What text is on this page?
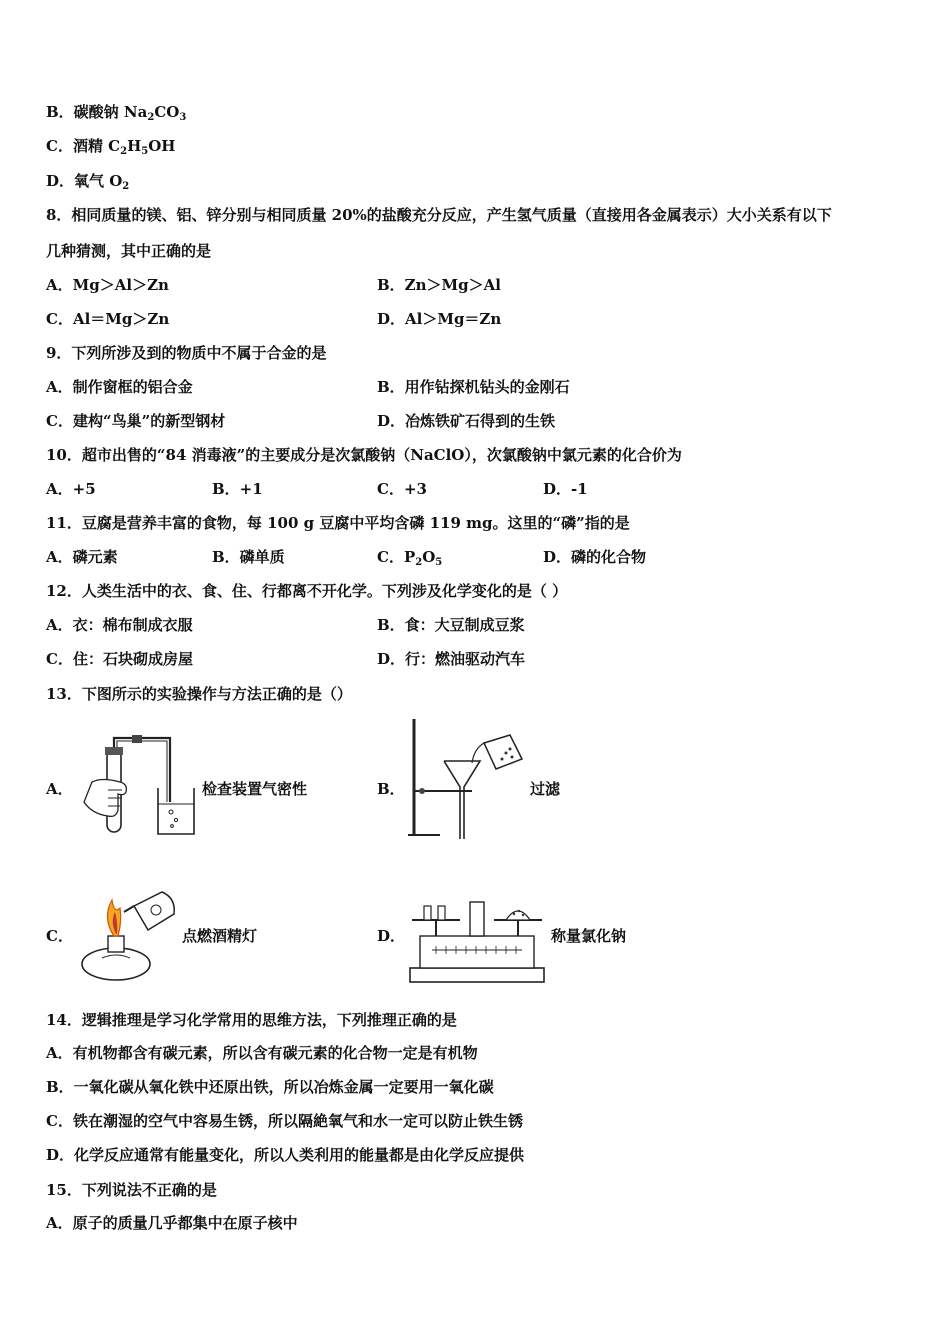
B．碳酸钠 $Na_2CO_3$
C．酒精 $C_2H_5OH$
D．氧气 $O_2$
8．相同质量的镁、铝、锌分别与相同质量 20%的盐酸充分反应，产生氢气质量（直接用各金属表示）大小关系有以下
几种猜测，其中正确的是
A．Mg＞Al＞Zn	B．Zn＞Mg＞Al
C．Al＝Mg＞Zn	D．Al＞Mg＝Zn
9．下列所涉及到的物质中不属于合金的是
A．制作窗框的铝合金	B．用作钻探机钻头的金刚石
C．建构“鸟巢”的新型钢材	D．冶炼铁矿石得到的生铁
10．超市出售的“84 消毒液”的主要成分是次氯酸钠（NaClO），次氯酸钠中氯元素的化合价为
A．+5	B．+1	C．+3	D．-1
11．豆腐是营养丰富的食物，每 100 g 豆腐中平均含磷 119 mg。这里的“磷”指的是
A．磷元素	B．磷单质	C．$P_2O_5$	D．磷的化合物
12．人类生活中的衣、食、住、行都离不开化学。下列涉及化学变化的是（ ）
A．衣：棉布制成衣服	B．食：大豆制成豆浆
C．住：石块砌成房屋	D．行：燃油驱动汽车
13．下图所示的实验操作与方法正确的是（）
A．	检查装置气密性	B．	过滤
C．	点燃酒精灯	D．	称量氯化钠
14．逻辑推理是学习化学常用的思维方法，下列推理正确的是
A．有机物都含有碳元素，所以含有碳元素的化合物一定是有机物
B．一氧化碳从氧化铁中还原出铁，所以冶炼金属一定要用一氧化碳
C．铁在潮湿的空气中容易生锈，所以隔絶氧气和水一定可以防止铁生锈
D．化学反应通常有能量变化，所以人类利用的能量都是由化学反应提供
15．下列说法不正确的是
A．原子的质量几乎都集中在原子核中
